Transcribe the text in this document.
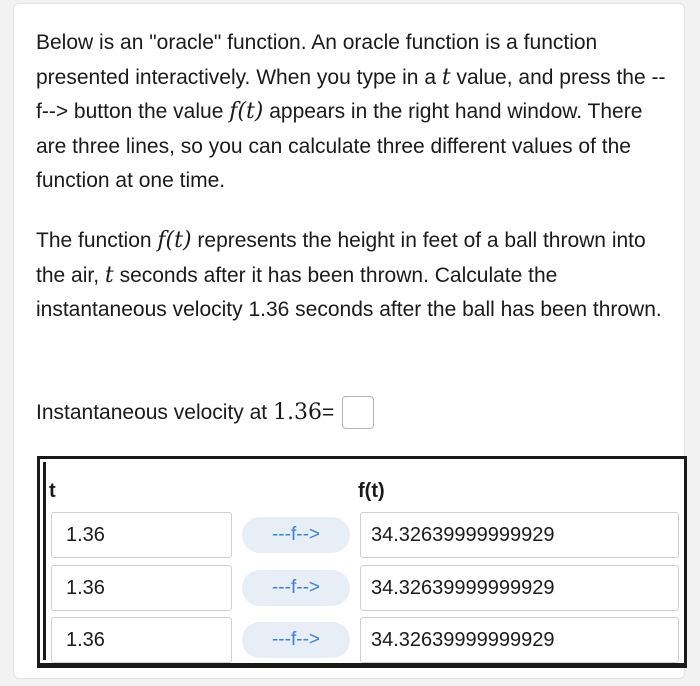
Below is an "oracle" function. An oracle function is a function presented interactively. When you type in a t value, and press the --f--> button the value f(t) appears in the right hand window. There are three lines, so you can calculate three different values of the function at one time.

The function f(t) represents the height in feet of a ball thrown into the air, t seconds after it has been thrown. Calculate the instantaneous velocity 1.36 seconds after the ball has been thrown.

Instantaneous velocity at
1.36 =
t	f(t)
1.36
---f-->	34.32639999999929
1.36
---f-->	34.32639999999929
1.36
---f-->	34.32639999999929
